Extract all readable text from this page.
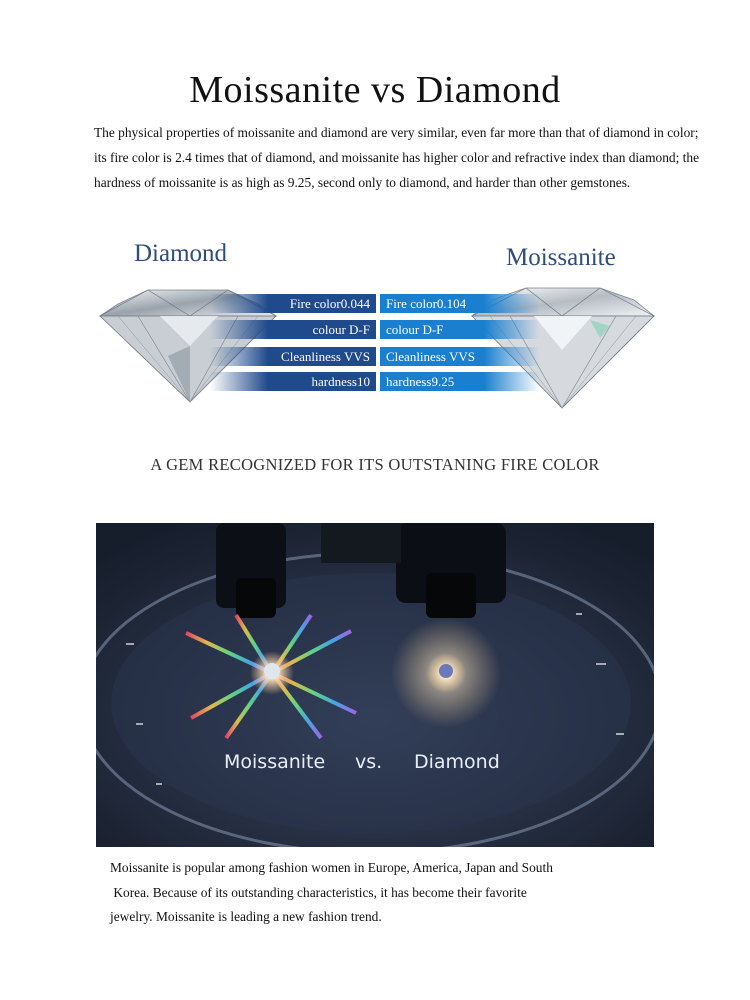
Moissanite vs Diamond
The physical properties of moissanite and diamond are very similar, even far more than that of diamond in color; its fire color is 2.4 times that of diamond, and moissanite has higher color and refractive index than diamond; the hardness of moissanite is as high as 9.25, second only to diamond, and harder than other gemstones.
Diamond	Moissanite
Fire color0.044
colour D-F
Cleanliness VVS
hardness10
Fire color0.104
colour D-F
Cleanliness VVS
hardness9.25
A GEM RECOGNIZED FOR ITS OUTSTANING FIRE COLOR
Moissanite vs. Diamond

Moissanite is popular among fashion women in Europe, America, Japan and South

Korea. Because of its outstanding characteristics, it has become their favorite

jewelry. Moissanite is leading a new fashion trend.
